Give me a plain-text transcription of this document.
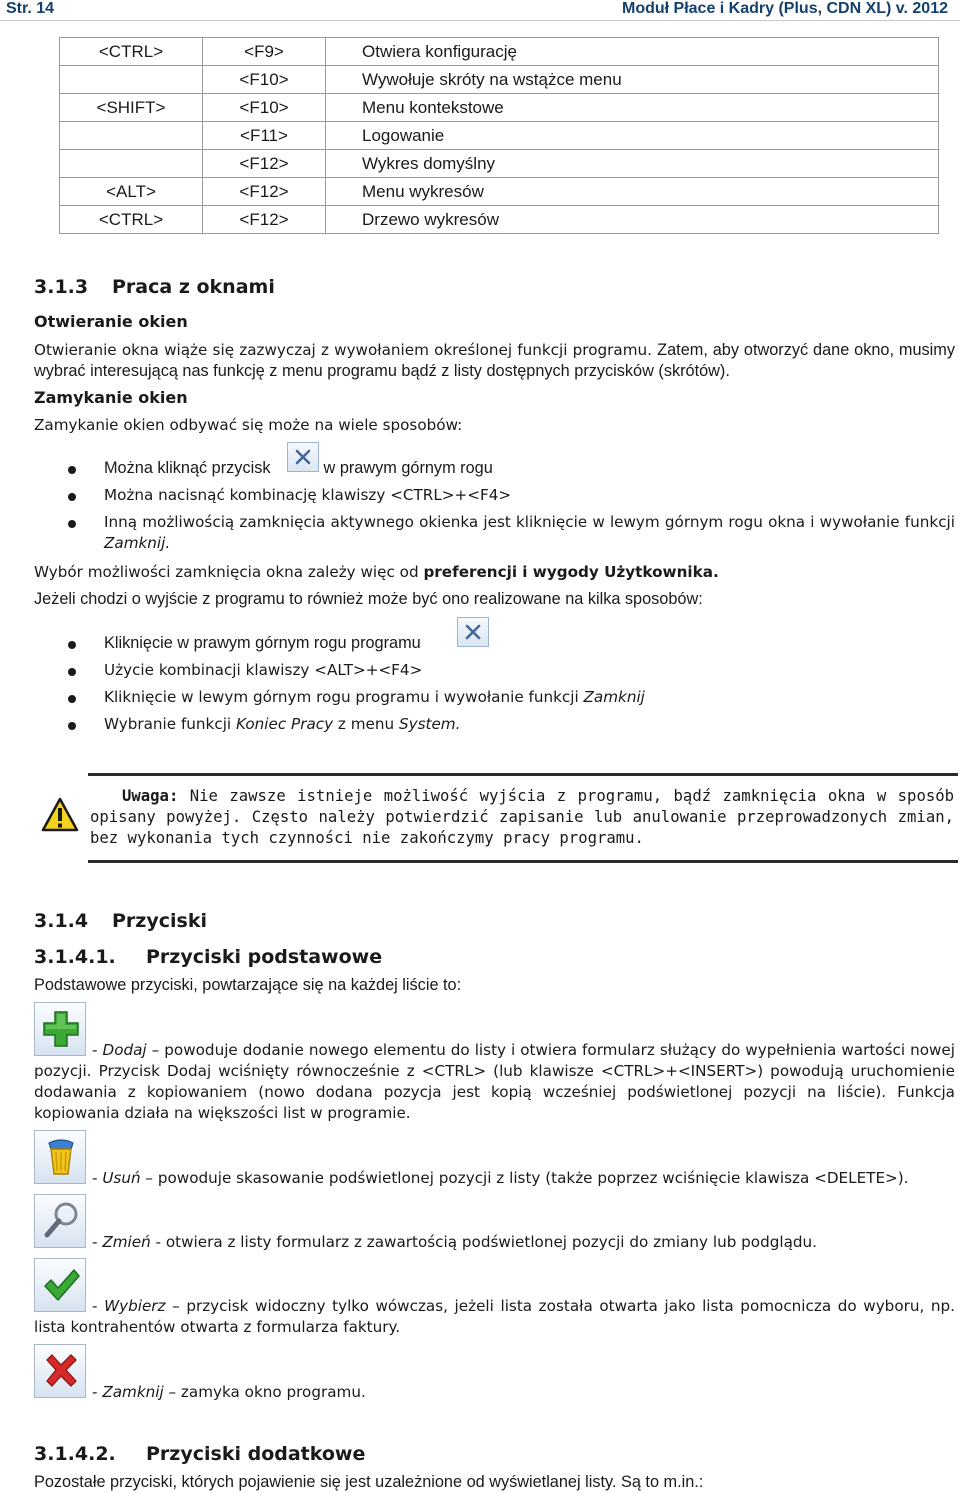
Str. 14	Moduł Płace i Kadry (Plus, CDN XL) v. 2012
<CTRL>	<F9>	Otwiera konfigurację
	<F10>	Wywołuje skróty na wstążce menu
<SHIFT>	<F10>	Menu kontekstowe
	<F11>	Logowanie
	<F12>	Wykres domyślny
<ALT>	<F12>	Menu wykresów
<CTRL>	<F12>	Drzewo wykresów
3.1.3 Praca z oknami
Otwieranie okien
Otwieranie okna wiąże się zazwyczaj z wywołaniem określonej funkcji programu. Zatem, aby otworzyć dane okno, musimy wybrać interesującą nas funkcję z menu programu bądź z listy dostępnych przycisków (skrótów).
Zamykanie okien
Zamykanie okien odbywać się może na wiele sposobów:
Można kliknąć przycisk	w prawym górnym rogu
Można nacisnąć kombinację klawiszy <CTRL>+<F4>
Inną możliwością zamknięcia aktywnego okienka jest kliknięcie w lewym górnym rogu okna i wywołanie funkcji Zamknij.
Wybór możliwości zamknięcia okna zależy więc od preferencji i wygody Użytkownika.
Jeżeli chodzi o wyjście z programu to również może być ono realizowane na kilka sposobów:
Kliknięcie w prawym górnym rogu programu
Użycie kombinacji klawiszy <ALT>+<F4>
Kliknięcie w lewym górnym rogu programu i wywołanie funkcji Zamknij
Wybranie funkcji Koniec Pracy z menu System.
Uwaga: Nie zawsze istnieje możliwość wyjścia z programu, bądź zamknięcia okna w sposób opisany powyżej. Często należy potwierdzić zapisanie lub anulowanie przeprowadzonych zmian, bez wykonania tych czynności nie zakończymy pracy programu.
3.1.4 Przyciski
3.1.4.1. Przyciski podstawowe
Podstawowe przyciski, powtarzające się na każdej liście to:
- Dodaj – powoduje dodanie nowego elementu do listy i otwiera formularz służący do wypełnienia wartości nowej pozycji. Przycisk Dodaj wciśnięty równocześnie z <CTRL> (lub klawisze <CTRL>+<INSERT>) powodują uruchomienie dodawania z kopiowaniem (nowo dodana pozycja jest kopią wcześniej podświetlonej pozycji na liście). Funkcja kopiowania działa na większości list w programie.
- Usuń – powoduje skasowanie podświetlonej pozycji z listy (także poprzez wciśnięcie klawisza <DELETE>).
- Zmień - otwiera z listy formularz z zawartością podświetlonej pozycji do zmiany lub podglądu.
- Wybierz – przycisk widoczny tylko wówczas, jeżeli lista została otwarta jako lista pomocnicza do wyboru, np. lista kontrahentów otwarta z formularza faktury.
- Zamknij – zamyka okno programu.
3.1.4.2. Przyciski dodatkowe
Pozostałe przyciski, których pojawienie się jest uzależnione od wyświetlanej listy. Są to m.in.:
